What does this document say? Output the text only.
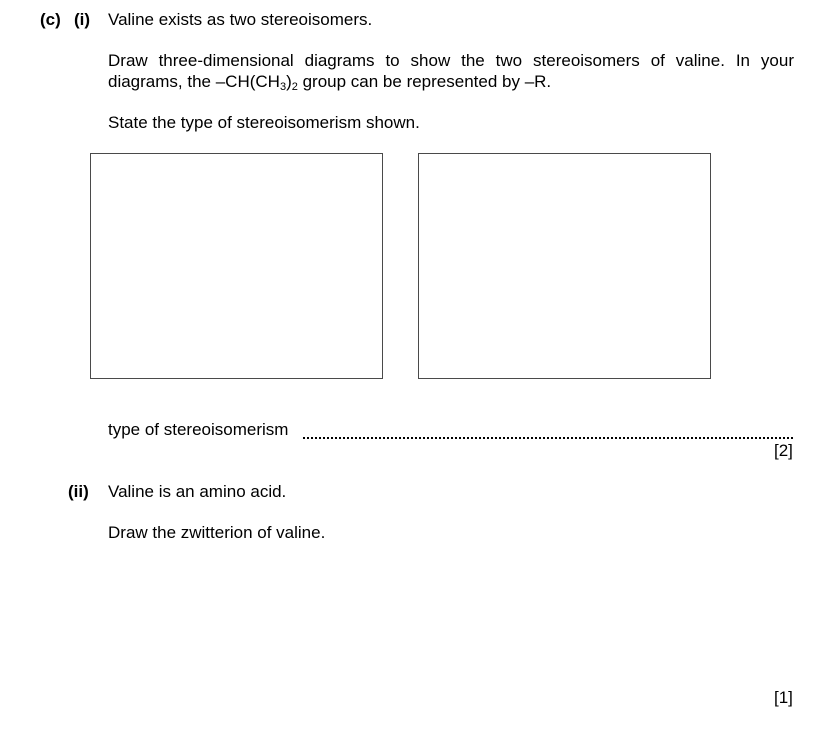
(c) (i) Valine exists as two stereoisomers.
Draw three-dimensional diagrams to show the two stereoisomers of valine. In your
diagrams, the $-CH(CH_3)_2$ group can be represented by –R.
State the type of stereoisomerism shown.
type of stereoisomerism
[2]
(ii) Valine is an amino acid.
Draw the zwitterion of valine.
[1]
